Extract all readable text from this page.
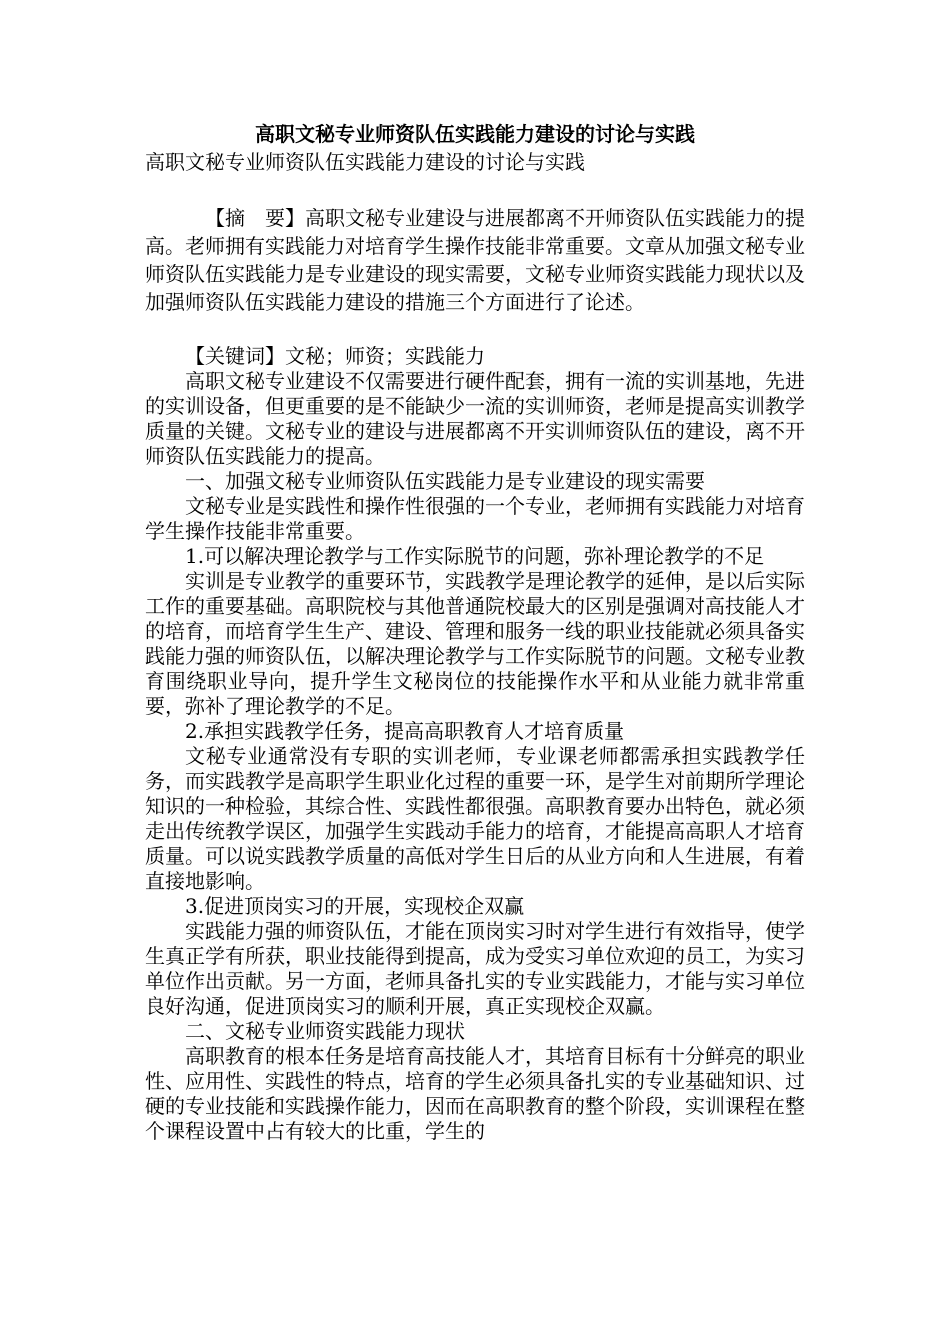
高职文秘专业师资队伍实践能力建设的讨论与实践

高职文秘专业师资队伍实践能力建设的讨论与实践

【摘　要】高职文秘专业建设与进展都离不开师资队伍实践能力的提高。老师拥有实践能力对培育学生操作技能非常重要。文章从加强文秘专业师资队伍实践能力是专业建设的现实需要，文秘专业师资实践能力现状以及加强师资队伍实践能力建设的措施三个方面进行了论述。

【关键词】文秘；师资；实践能力

高职文秘专业建设不仅需要进行硬件配套，拥有一流的实训基地，先进的实训设备，但更重要的是不能缺少一流的实训师资，老师是提高实训教学质量的关键。文秘专业的建设与进展都离不开实训师资队伍的建设，离不开师资队伍实践能力的提高。

一、加强文秘专业师资队伍实践能力是专业建设的现实需要

文秘专业是实践性和操作性很强的一个专业，老师拥有实践能力对培育学生操作技能非常重要。

1.可以解决理论教学与工作实际脱节的问题，弥补理论教学的不足

实训是专业教学的重要环节，实践教学是理论教学的延伸，是以后实际工作的重要基础。高职院校与其他普通院校最大的区别是强调对高技能人才的培育，而培育学生生产、建设、管理和服务一线的职业技能就必须具备实践能力强的师资队伍，以解决理论教学与工作实际脱节的问题。文秘专业教育围绕职业导向，提升学生文秘岗位的技能操作水平和从业能力就非常重要，弥补了理论教学的不足。

2.承担实践教学任务，提高高职教育人才培育质量

文秘专业通常没有专职的实训老师，专业课老师都需承担实践教学任务，而实践教学是高职学生职业化过程的重要一环，是学生对前期所学理论知识的一种检验，其综合性、实践性都很强。高职教育要办出特色，就必须走出传统教学误区，加强学生实践动手能力的培育，才能提高高职人才培育质量。可以说实践教学质量的高低对学生日后的从业方向和人生进展，有着直接地影响。

3.促进顶岗实习的开展，实现校企双赢

实践能力强的师资队伍，才能在顶岗实习时对学生进行有效指导，使学生真正学有所获，职业技能得到提高，成为受实习单位欢迎的员工，为实习单位作出贡献。另一方面，老师具备扎实的专业实践能力，才能与实习单位良好沟通，促进顶岗实习的顺利开展，真正实现校企双赢。

二、文秘专业师资实践能力现状

高职教育的根本任务是培育高技能人才，其培育目标有十分鲜亮的职业性、应用性、实践性的特点，培育的学生必须具备扎实的专业基础知识、过硬的专业技能和实践操作能力，因而在高职教育的整个阶段，实训课程在整个课程设置中占有较大的比重，学生的
